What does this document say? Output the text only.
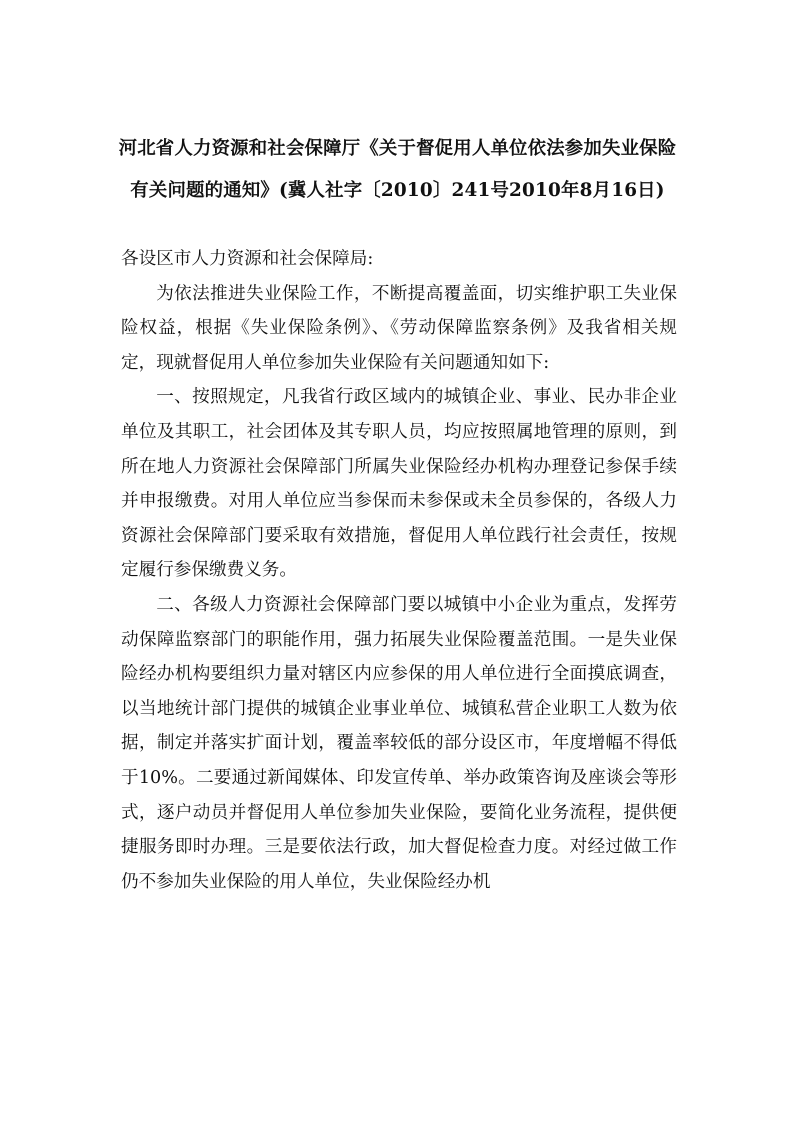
河北省人力资源和社会保障厅《关于督促用人单位依法参加失业保险
有关问题的通知》(冀人社字〔2010〕241号2010年8月16日)

各设区市人力资源和社会保障局:

为依法推进失业保险工作，不断提高覆盖面，切实维护职工失业保险权益，根据《失业保险条例》、《劳动保障监察条例》及我省相关规定，现就督促用人单位参加失业保险有关问题通知如下:

一、按照规定，凡我省行政区域内的城镇企业、事业、民办非企业单位及其职工，社会团体及其专职人员，均应按照属地管理的原则，到所在地人力资源社会保障部门所属失业保险经办机构办理登记参保手续并申报缴费。对用人单位应当参保而未参保或未全员参保的，各级人力资源社会保障部门要采取有效措施，督促用人单位践行社会责任，按规定履行参保缴费义务。

二、各级人力资源社会保障部门要以城镇中小企业为重点，发挥劳动保障监察部门的职能作用，强力拓展失业保险覆盖范围。一是失业保险经办机构要组织力量对辖区内应参保的用人单位进行全面摸底调查，以当地统计部门提供的城镇企业事业单位、城镇私营企业职工人数为依据，制定并落实扩面计划，覆盖率较低的部分设区市，年度增幅不得低于10%。二要通过新闻媒体、印发宣传单、举办政策咨询及座谈会等形式，逐户动员并督促用人单位参加失业保险，要简化业务流程，提供便捷服务即时办理。三是要依法行政，加大督促检查力度。对经过做工作仍不参加失业保险的用人单位，失业保险经办机
